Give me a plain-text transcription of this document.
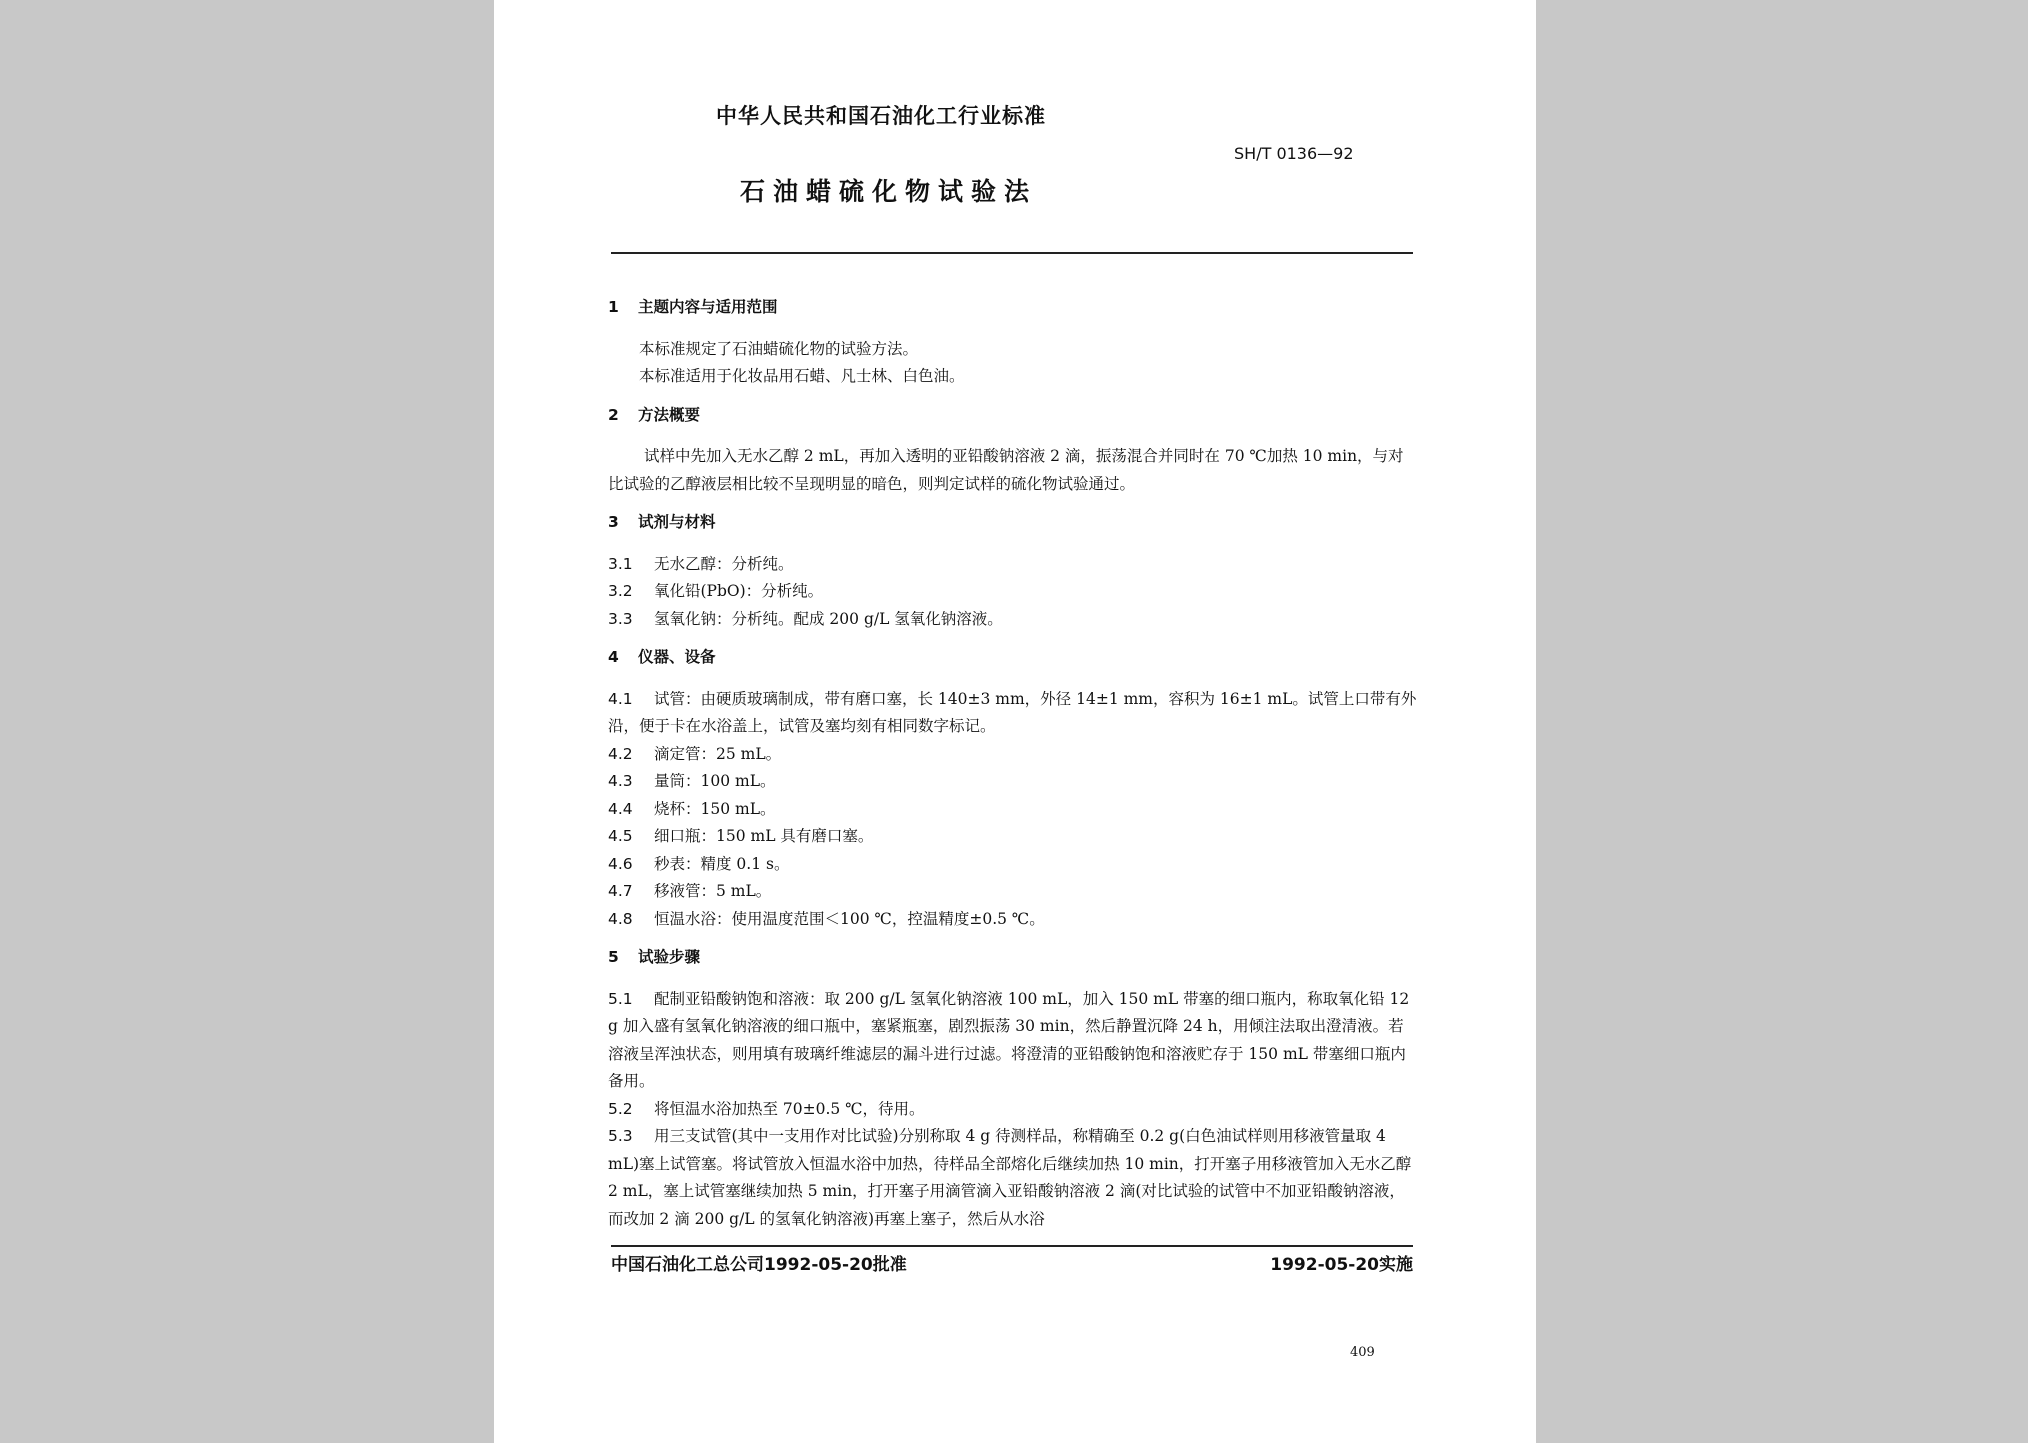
中华人民共和国石油化工行业标准
SH/T 0136—92
石油蜡硫化物试验法
1 主题内容与适用范围

本标准规定了石油蜡硫化物的试验方法。

本标准适用于化妆品用石蜡、凡士林、白色油。

2 方法概要

试样中先加入无水乙醇 2 mL，再加入透明的亚铅酸钠溶液 2 滴，振荡混合并同时在 70 ℃加热 10 min，与对比试验的乙醇液层相比较不呈现明显的暗色，则判定试样的硫化物试验通过。

3 试剂与材料

3.1 无水乙醇：分析纯。

3.2 氧化铅(PbO)：分析纯。

3.3 氢氧化钠：分析纯。配成 200 g/L 氢氧化钠溶液。

4 仪器、设备

4.1 试管：由硬质玻璃制成，带有磨口塞，长 140±3 mm，外径 14±1 mm，容积为 16±1 mL。试管上口带有外沿，便于卡在水浴盖上，试管及塞均刻有相同数字标记。

4.2 滴定管：25 mL。

4.3 量筒：100 mL。

4.4 烧杯：150 mL。

4.5 细口瓶：150 mL 具有磨口塞。

4.6 秒表：精度 0.1 s。

4.7 移液管：5 mL。

4.8 恒温水浴：使用温度范围＜100 ℃，控温精度±0.5 ℃。

5 试验步骤

5.1 配制亚铅酸钠饱和溶液：取 200 g/L 氢氧化钠溶液 100 mL，加入 150 mL 带塞的细口瓶内，称取氧化铅 12 g 加入盛有氢氧化钠溶液的细口瓶中，塞紧瓶塞，剧烈振荡 30 min，然后静置沉降 24 h，用倾注法取出澄清液。若溶液呈浑浊状态，则用填有玻璃纤维滤层的漏斗进行过滤。将澄清的亚铅酸钠饱和溶液贮存于 150 mL 带塞细口瓶内备用。

5.2 将恒温水浴加热至 70±0.5 ℃，待用。

5.3 用三支试管(其中一支用作对比试验)分别称取 4 g 待测样品，称精确至 0.2 g(白色油试样则用移液管量取 4 mL)塞上试管塞。将试管放入恒温水浴中加热，待样品全部熔化后继续加热 10 min，打开塞子用移液管加入无水乙醇 2 mL，塞上试管塞继续加热 5 min，打开塞子用滴管滴入亚铅酸钠溶液 2 滴(对比试验的试管中不加亚铅酸钠溶液，而改加 2 滴 200 g/L 的氢氧化钠溶液)再塞上塞子，然后从水浴

中国石油化工总公司1992-05-20批准	1992-05-20实施
409
